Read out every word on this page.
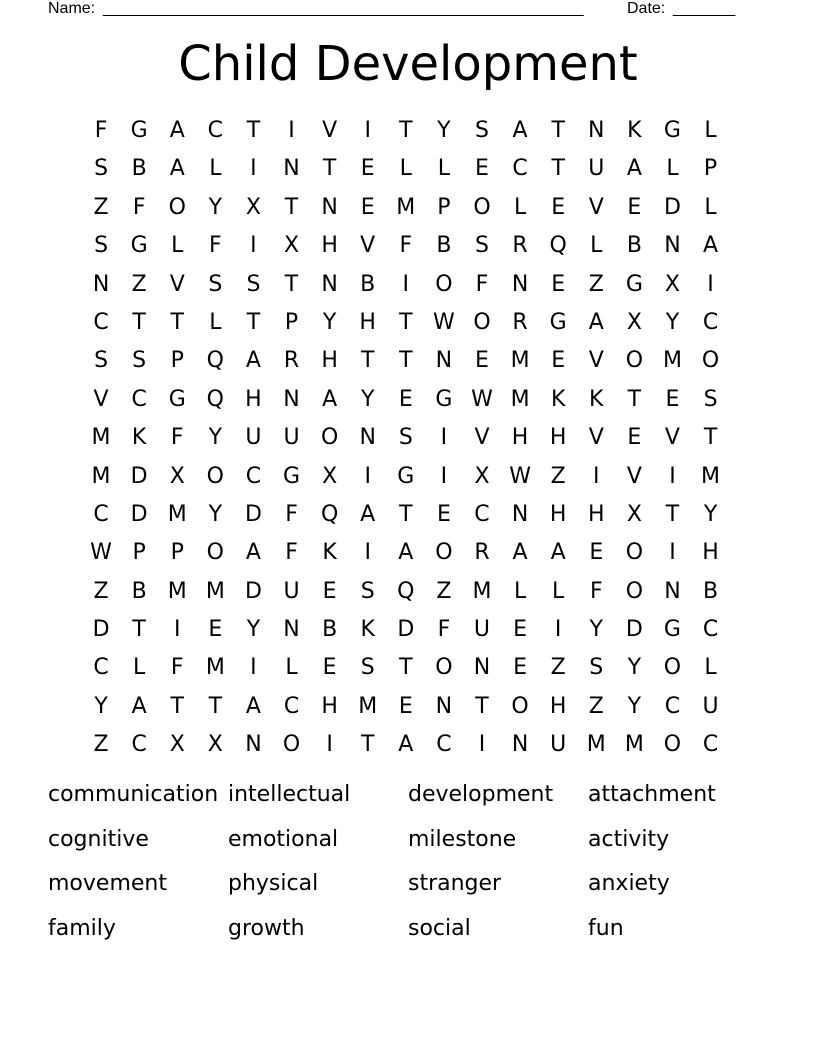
Name: ______________________________________________________	Date: _______
Child Development
F	G	A	C	T	I	V	I	T	Y	S	A	T	N	K	G	L
S	B	A	L	I	N	T	E	L	L	E	C	T	U	A	L	P
Z	F	O	Y	X	T	N	E M P	O	L	E	V	E	D	L
S	G	L	F	I	X	H	V	F	B	S	R Q	L	B	N	A
N	Z	V	S	S	T	N	B	I	O	F	N	E	Z	G	X	I
C	T	T	L	T	P	Y	H	T W O R G	A	X	Y	C
S	S	P	Q A	R	H	T	T	N	E M E	V O M O
V	C G Q H N	A	Y	E	G W M K	K	T	E	S
M K	F	Y	U U O N	S	I	V	H H	V	E	V	T
M D	X O C G	X	I	G	I	X W Z	I	V	I	M
C D M Y	D	F	Q A	T	E	C	N H H	X	T	Y
W P	P	O A	F	K	I	A O R	A	A	E	O	I	H
Z	B M M D U	E	S	Q Z M	L	L	F	O N	B
D	T	I	E	Y	N	B	K	D	F	U	E	I	Y	D G C
C	L	F	M	I	L	E	S	T	O N	E	Z	S	Y	O	L
Y	A	T	T	A	C	H M E	N	T	O H	Z	Y	C	U
Z	C	X	X	N O	I	T	A	C	I	N U M M O C
communication intellectual	development	attachment
cognitive	emotional	milestone	activity
movement	physical	stranger	anxiety
family	growth	social	fun
